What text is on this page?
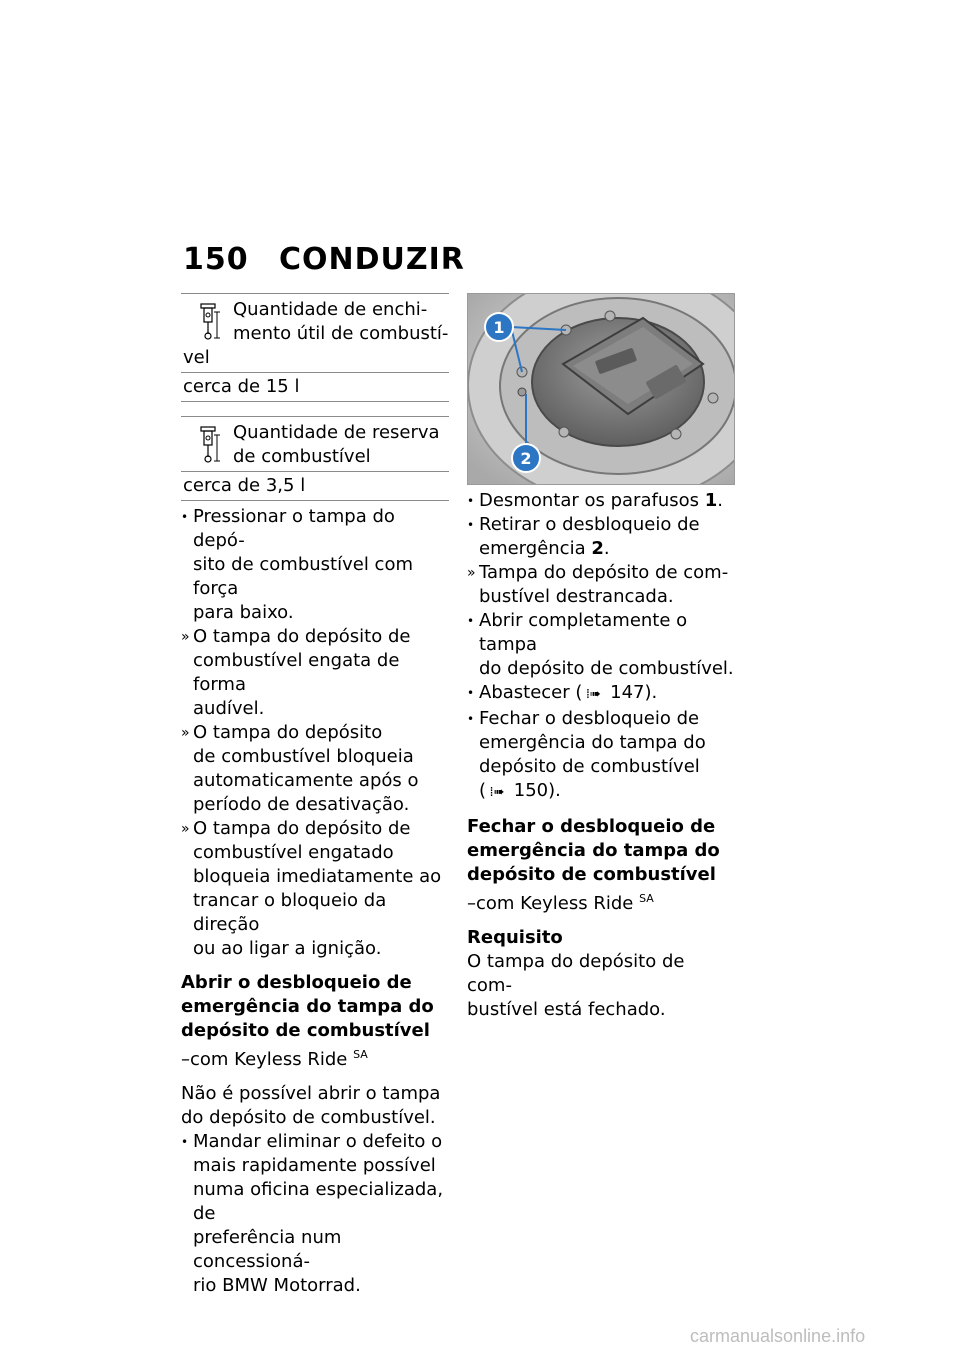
150 CONDUZIR
Quantidade de enchi-
mento útil de combustí-
vel
cerca de 15 l
Quantidade de reserva
de combustível
cerca de 3,5 l
• Pressionar o tampa do depó-
sito de combustível com força
para baixo.
» O tampa do depósito de
combustível engata de forma
audível.
» O tampa do depósito
de combustível bloqueia
automaticamente após o
período de desativação.
» O tampa do depósito de
combustível engatado
bloqueia imediatamente ao
trancar o bloqueio da direção
ou ao ligar a ignição.
Abrir o desbloqueio de
emergência do tampa do
depósito de combustível

–com Keyless Ride $^{SA}$

Não é possível abrir o tampa
do depósito de combustível.

• Mandar eliminar o defeito o
mais rapidamente possível
numa oficina especializada, de
preferência num concessioná-
rio BMW Motorrad.
1
2
• Desmontar os parafusos 1.
• Retirar o desbloqueio de
emergência 2.
» Tampa do depósito de com-
bustível destrancada.
• Abrir completamente o tampa
do depósito de combustível.
• Abastecer ( ⁞➠ 147).
• Fechar o desbloqueio de
emergência do tampa do
depósito de combustível
( ⁞➠ 150).
Fechar o desbloqueio de
emergência do tampa do
depósito de combustível

–com Keyless Ride $^{SA}$

Requisito

O tampa do depósito de com-
bustível está fechado.

carmanualsonline.info
